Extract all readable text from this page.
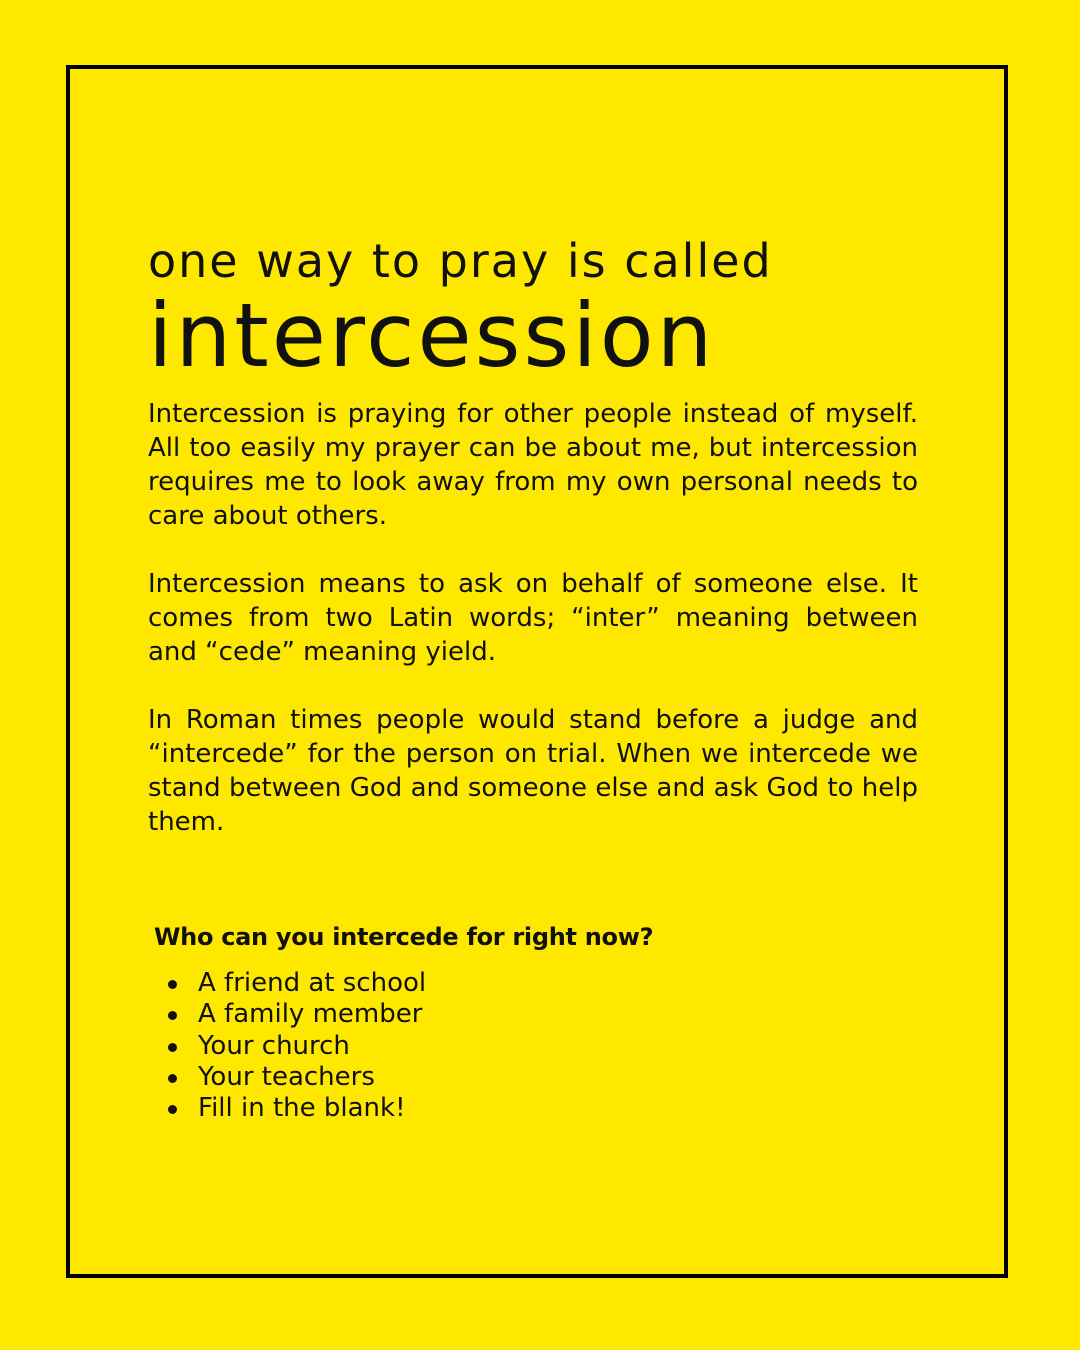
one way to pray is called
intercession

Intercession is praying for other people instead of myself. All too easily my prayer can be about me, but intercession requires me to look away from my own personal needs to care about others.

Intercession means to ask on behalf of someone else. It comes from two Latin words; “inter” meaning between and “cede” meaning yield.

In Roman times people would stand before a judge and “intercede” for the person on trial. When we intercede we stand between God and someone else and ask God to help them.

Who can you intercede for right now?
A friend at school
A family member
Your church
Your teachers
Fill in the blank!
